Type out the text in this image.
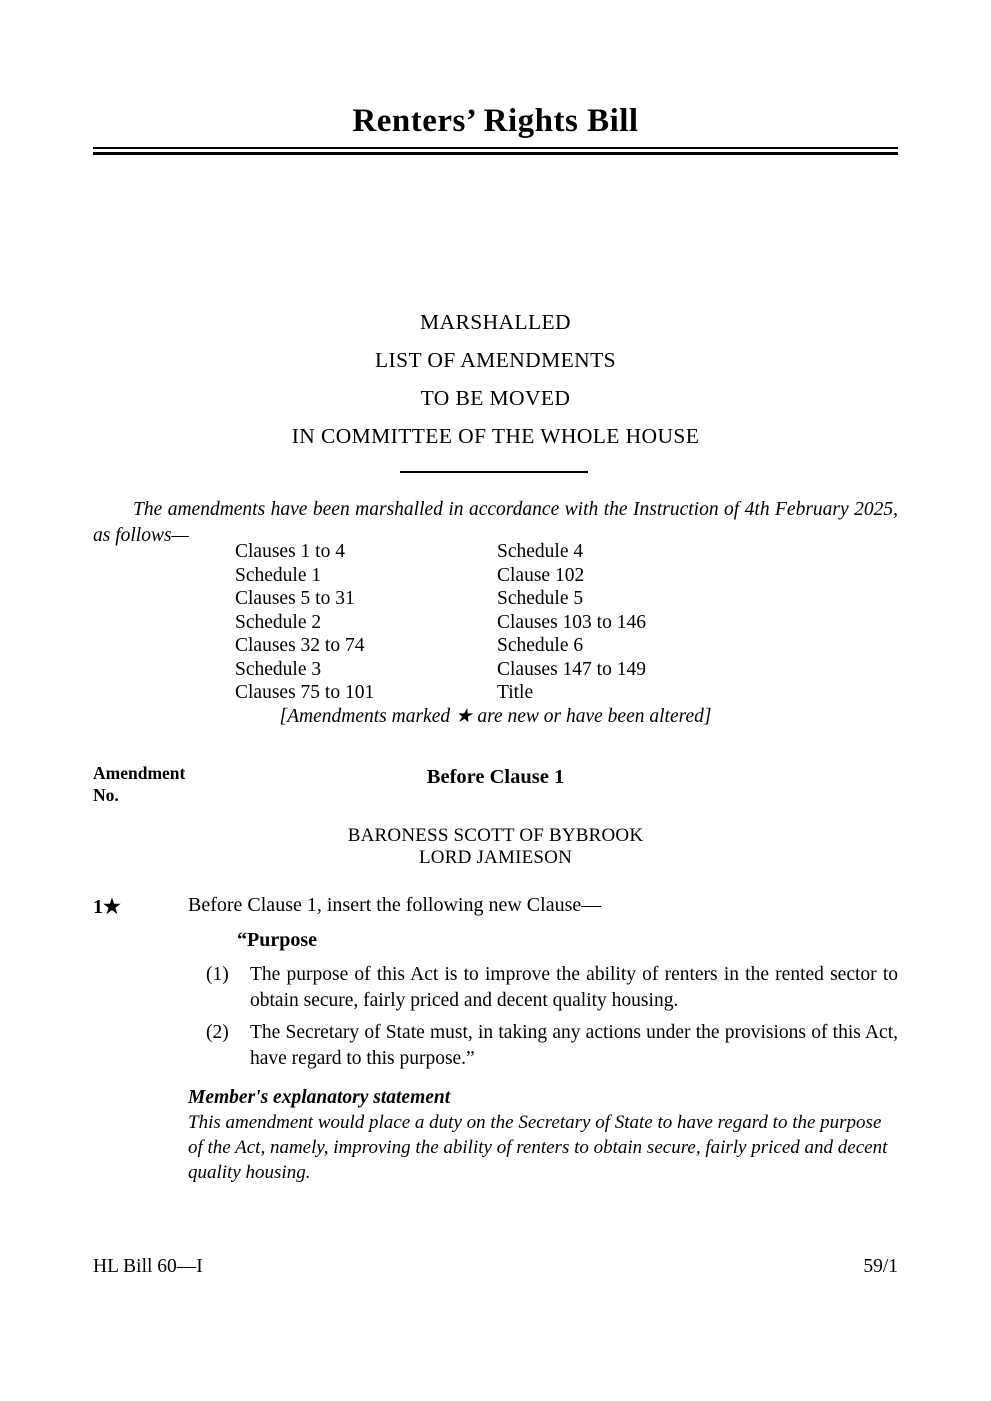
Renters’ Rights Bill
MARSHALLED
LIST OF AMENDMENTS
TO BE MOVED
IN COMMITTEE OF THE WHOLE HOUSE

The amendments have been marshalled in accordance with the Instruction of 4th February 2025, as follows—

Clauses 1 to 4
Schedule 1
Clauses 5 to 31
Schedule 2
Clauses 32 to 74
Schedule 3
Clauses 75 to 101
Schedule 4
Clause 102
Schedule 5
Clauses 103 to 146
Schedule 6
Clauses 147 to 149
Title

[Amendments marked ★ are new or have been altered]

Amendment
No.
Before Clause 1
BARONESS SCOTT OF BYBROOK
LORD JAMIESON
1★	Before Clause 1, insert the following new Clause—
“Purpose
(1) The purpose of this Act is to improve the ability of renters in the rented sector to obtain secure, fairly priced and decent quality housing.
(2) The Secretary of State must, in taking any actions under the provisions of this Act, have regard to this purpose.”
Member's explanatory statement
This amendment would place a duty on the Secretary of State to have regard to the purpose of the Act, namely, improving the ability of renters to obtain secure, fairly priced and decent quality housing.
HL Bill 60—I	59/1
